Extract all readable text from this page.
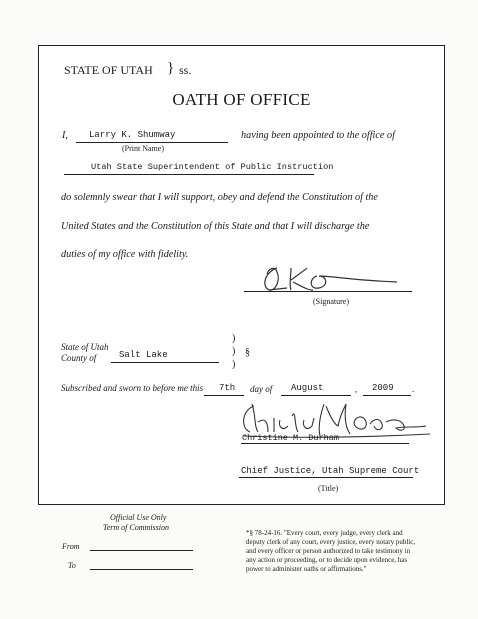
STATE OF UTAH } ss.
OATH OF OFFICE
I, Larry K. Shumway
(Print Name)
having been appointed to the office of
Utah State Superintendent of Public Instruction
do solemnly swear that I will support, obey and defend the Constitution of the
United States and the Constitution of this State and that I will discharge the
duties of my office with fidelity.
(Signature)
State of Utah
County of	Salt Lake
)
)
)
§
Subscribed and sworn to before me this 7th day of August	, 2009 .
Christine M. Durham
Chief Justice, Utah Supreme Court
(Title)
Official Use Only
Term of Commission
From
To
*§ 78-24-16. "Every court, every judge, every clerk and
deputy clerk of any court, every justice, every notary public,
and every officer or person authorized to take testimony in
any action or proceeding, or to decide upon evidence, has
power to administer oaths or affirmations."
